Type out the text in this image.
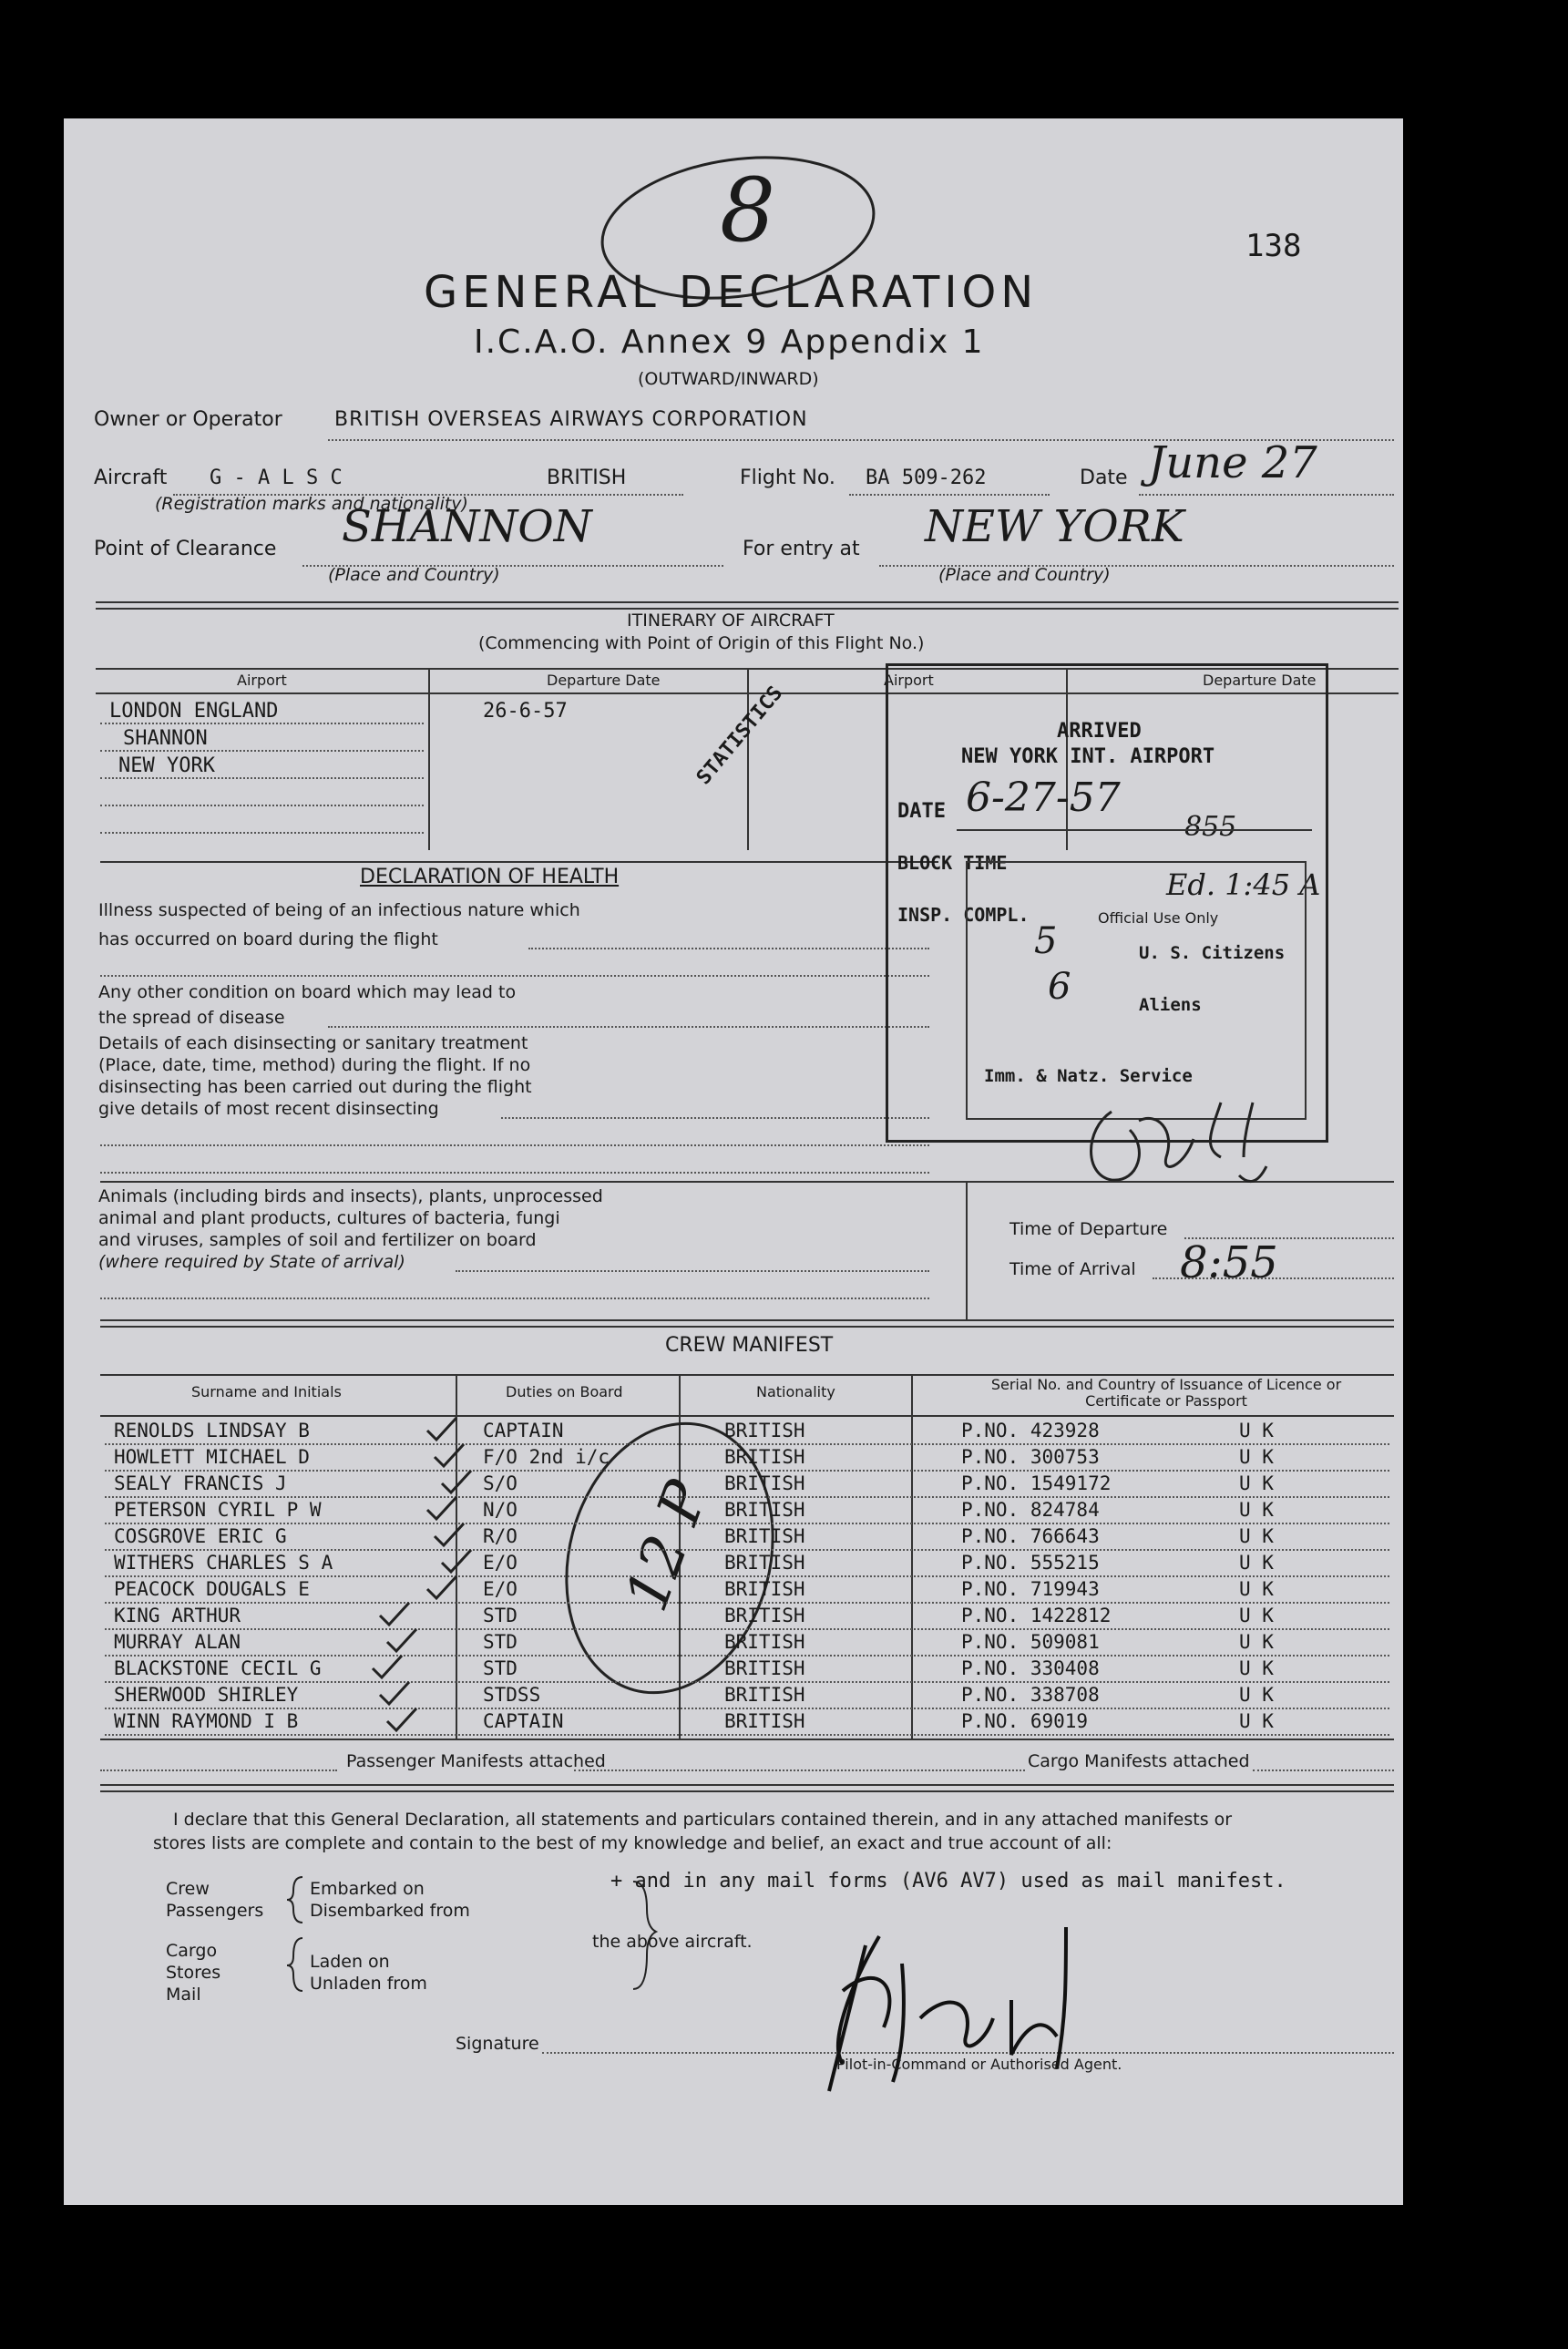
138
8
GENERAL DECLARATION
I.C.A.O. Annex 9 Appendix 1
(OUTWARD/INWARD)
Owner or Operator	BRITISH OVERSEAS AIRWAYS CORPORATION
Aircraft G - A L S C	BRITISH
(Registration marks and nationality)
Flight No. BA 509-262	Date June 27
Point of Clearance SHANNON
(Place and Country)
For entry at NEW YORK
(Place and Country)
ITINERARY OF AIRCRAFT
(Commencing with Point of Origin of this Flight No.)
Airport	Departure Date	Airport	Departure Date
LONDON ENGLAND	26-6-57
SHANNON
NEW YORK	STATISTICS
DECLARATION OF HEALTH
Illness suspected of being of an infectious nature which
has occurred on board during the flight
Any other condition on board which may lead to
the spread of disease
Details of each disinsecting or sanitary treatment
(Place, date, time, method) during the flight. If no
disinsecting has been carried out during the flight
give details of most recent disinsecting
ARRIVED
NEW YORK INT. AIRPORT
DATE 6-27-57
855
BLOCK TIME
Ed. 1:45 A
INSP. COMPL.	Official Use Only
5	U. S. Citizens
6	Aliens
Imm. & Natz. Service
Animals (including birds and insects), plants, unprocessed
animal and plant products, cultures of bacteria, fungi
and viruses, samples of soil and fertilizer on board
(where required by State of arrival)
Time of Departure
Time of Arrival 8:55
CREW MANIFEST
Surname and Initials	Duties on Board	Nationality	Serial No. and Country of Issuance of Licence or Certificate or Passport
12 P
Passenger Manifests attached	Cargo Manifests attached
I declare that this General Declaration, all statements and particulars contained therein, and in any attached manifests or
stores lists are complete and contain to the best of my knowledge and belief, an exact and true account of all:
Crew
Passengers
Embarked on
Disembarked from
Cargo
Stores
Mail
Laden on
Unladen from
the above aircraft.
+ and in any mail forms (AV6 AV7) used as mail manifest.
Signature
Pilot-in-Command or Authorised Agent.
RENOLDS LINDSAY B	CAPTAIN	BRITISH	P.NO. 423928	U K
HOWLETT MICHAEL D	F/O 2nd i/c	BRITISH	P.NO. 300753	U K
SEALY FRANCIS J	S/O	BRITISH	P.NO. 1549172	U K
PETERSON CYRIL P W	N/O	BRITISH	P.NO. 824784	U K
COSGROVE ERIC G	R/O	BRITISH	P.NO. 766643	U K
WITHERS CHARLES S A	E/O	BRITISH	P.NO. 555215	U K
PEACOCK DOUGALS E	E/O	BRITISH	P.NO. 719943	U K
KING ARTHUR	STD	BRITISH	P.NO. 1422812	U K
MURRAY ALAN	STD	BRITISH	P.NO. 509081	U K
BLACKSTONE CECIL G	STD	BRITISH	P.NO. 330408	U K
SHERWOOD SHIRLEY	STDSS	BRITISH	P.NO. 338708	U K
WINN RAYMOND I B	CAPTAIN	BRITISH	P.NO. 69019	U K
